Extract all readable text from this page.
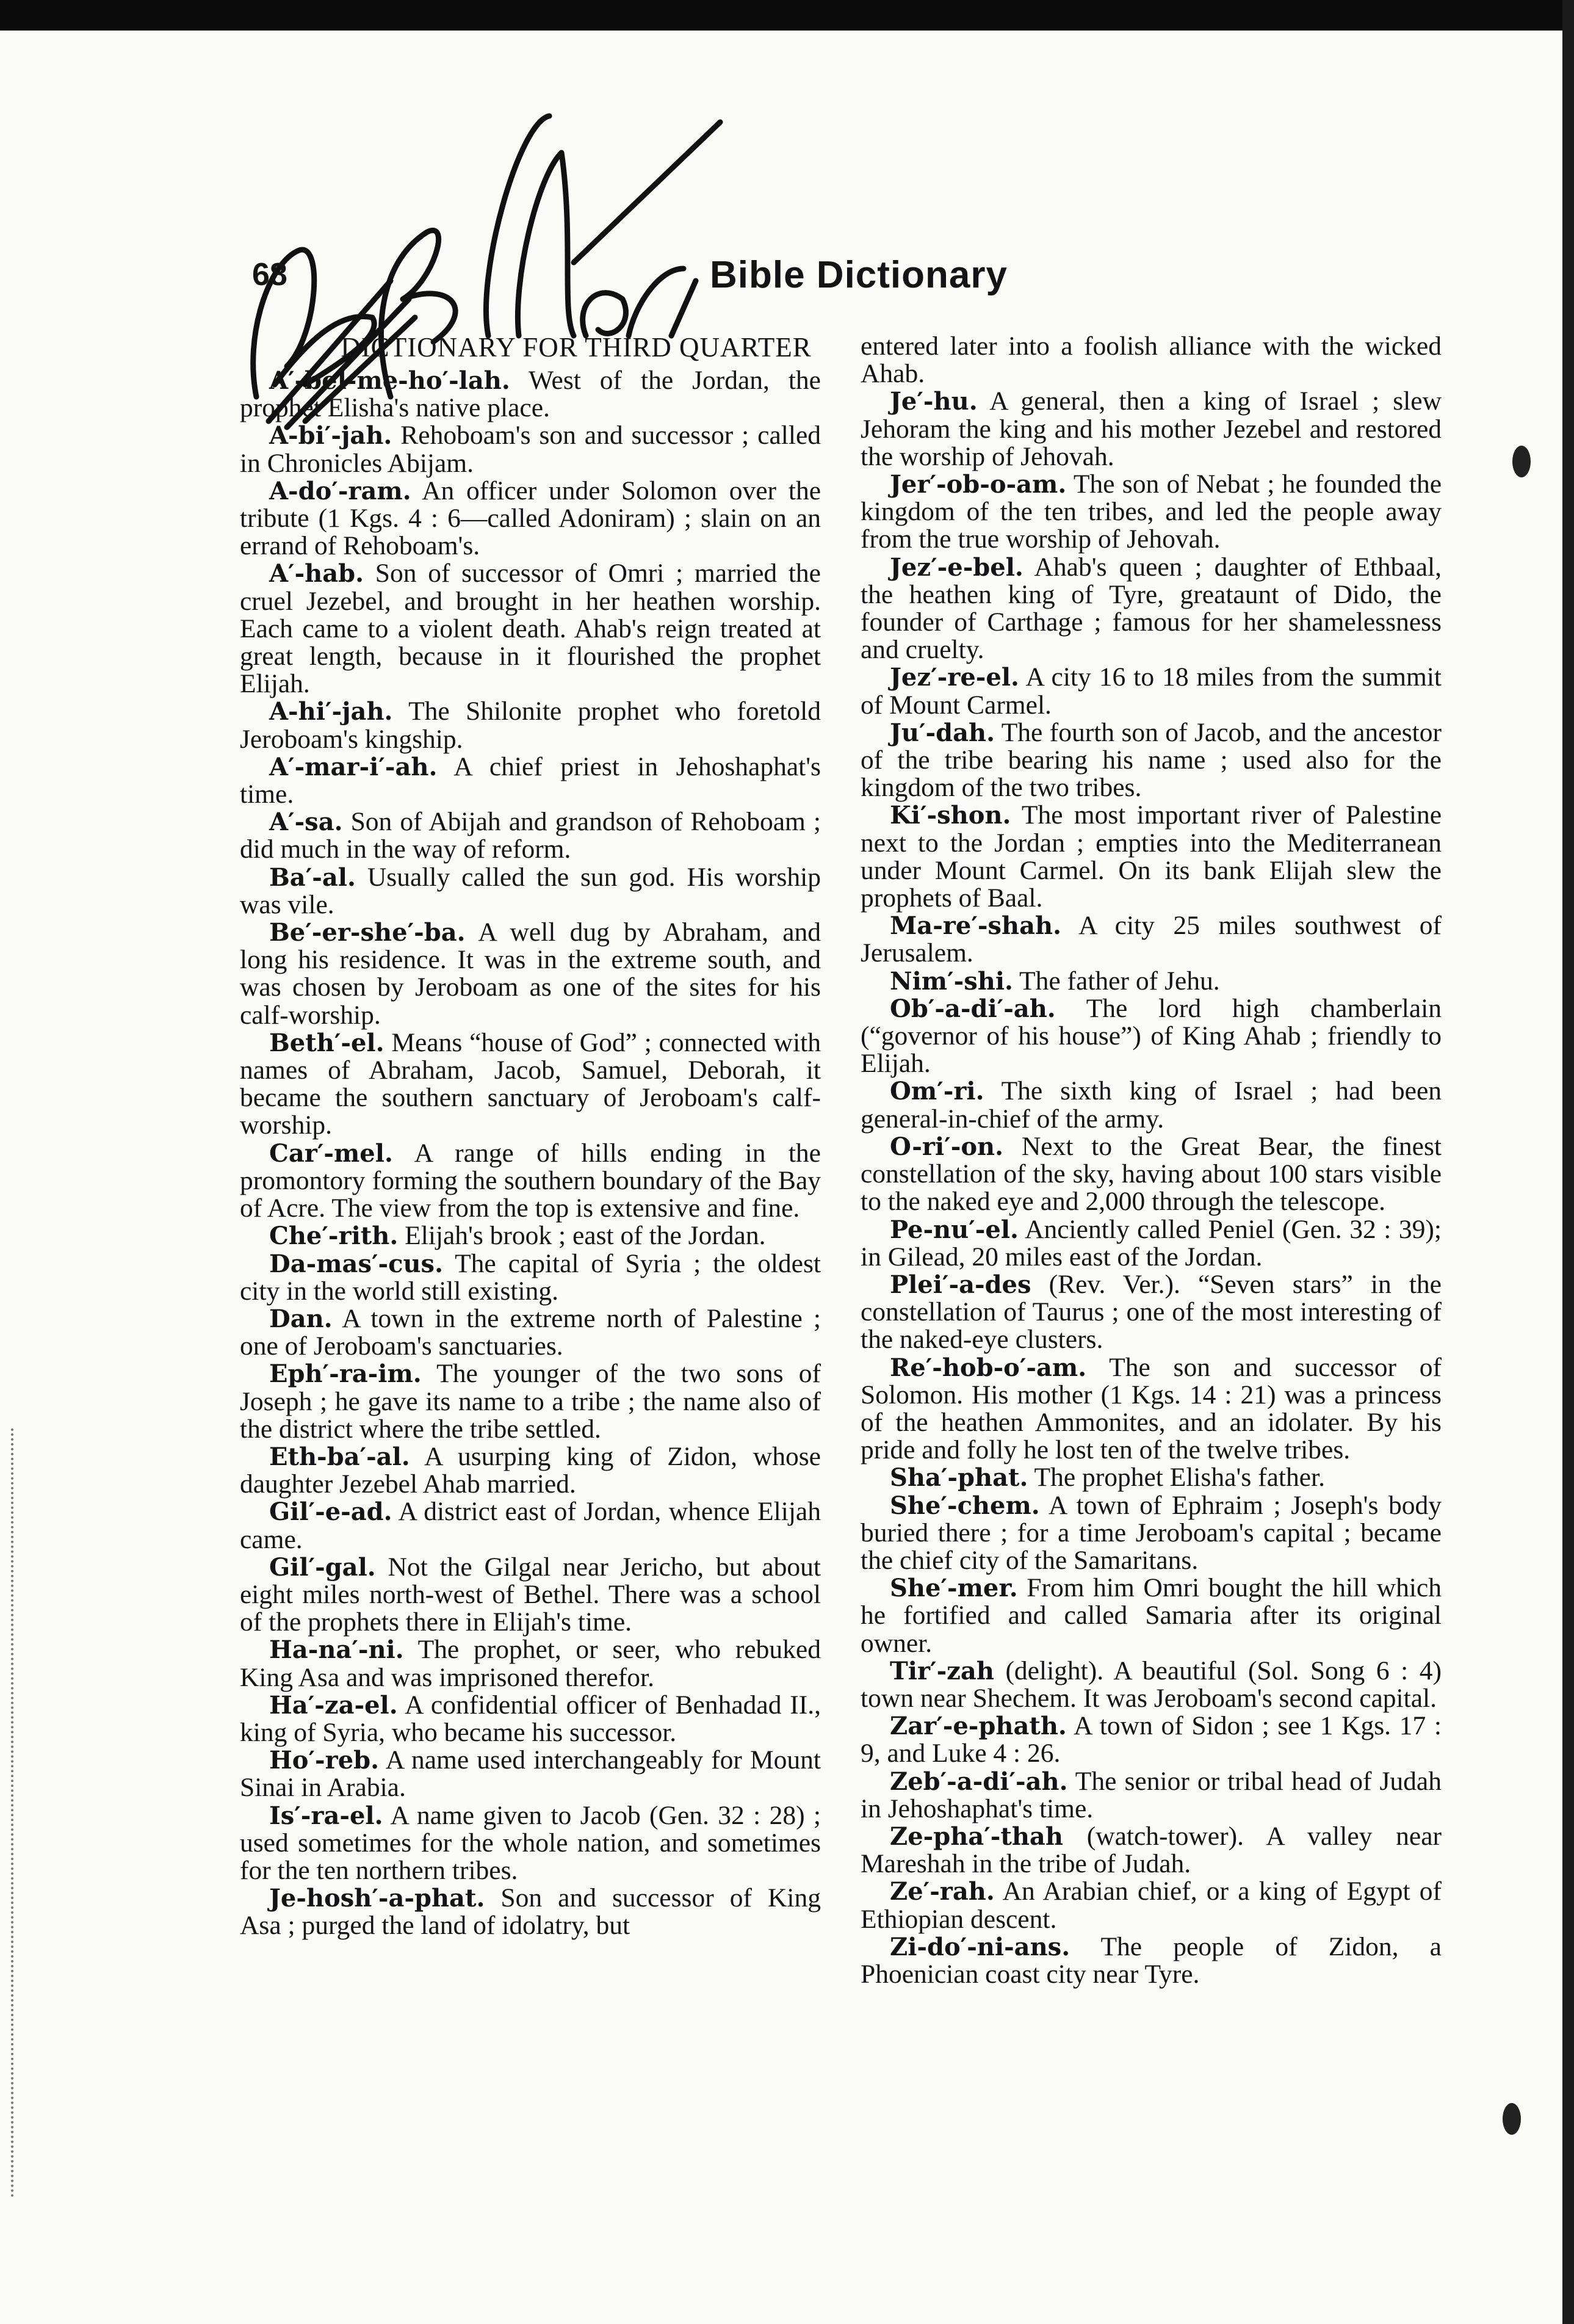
68	Bible Dictionary

DICTIONARY FOR THIRD QUARTER

A′-bel-me-ho′-lah. West of the Jordan, the prophet Elisha's native place.

A-bi′-jah. Rehoboam's son and successor ; called in Chronicles Abijam.

A-do′-ram. An officer under Solomon over the tribute (1 Kgs. 4 : 6—called Adoniram) ; slain on an errand of Rehoboam's.

A′-hab. Son of successor of Omri ; married the cruel Jezebel, and brought in her heathen worship. Each came to a violent death. Ahab's reign treated at great length, because in it flourished the prophet Elijah.

A-hi′-jah. The Shilonite prophet who foretold Jeroboam's kingship.

A′-mar-i′-ah. A chief priest in Jehoshaphat's time.

A′-sa. Son of Abijah and grandson of Rehoboam ; did much in the way of reform.

Ba′-al. Usually called the sun god. His worship was vile.

Be′-er-she′-ba. A well dug by Abraham, and long his residence. It was in the extreme south, and was chosen by Jeroboam as one of the sites for his calf-worship.

Beth′-el. Means “house of God” ; connected with names of Abraham, Jacob, Samuel, Deborah, it became the southern sanctuary of Jeroboam's calf-worship.

Car′-mel. A range of hills ending in the promontory forming the southern boundary of the Bay of Acre. The view from the top is extensive and fine.

Che′-rith. Elijah's brook ; east of the Jordan.

Da-mas′-cus. The capital of Syria ; the oldest city in the world still existing.

Dan. A town in the extreme north of Palestine ; one of Jeroboam's sanctuaries.

Eph′-ra-im. The younger of the two sons of Joseph ; he gave its name to a tribe ; the name also of the district where the tribe settled.

Eth-ba′-al. A usurping king of Zidon, whose daughter Jezebel Ahab married.

Gil′-e-ad. A district east of Jordan, whence Elijah came.

Gil′-gal. Not the Gilgal near Jericho, but about eight miles north-west of Bethel. There was a school of the prophets there in Elijah's time.

Ha-na′-ni. The prophet, or seer, who rebuked King Asa and was imprisoned therefor.

Ha′-za-el. A confidential officer of Benhadad II., king of Syria, who became his successor.

Ho′-reb. A name used interchangeably for Mount Sinai in Arabia.

Is′-ra-el. A name given to Jacob (Gen. 32 : 28) ; used sometimes for the whole nation, and sometimes for the ten northern tribes.

Je-hosh′-a-phat. Son and successor of King Asa ; purged the land of idolatry, but

entered later into a foolish alliance with the wicked Ahab.

Je′-hu. A general, then a king of Israel ; slew Jehoram the king and his mother Jezebel and restored the worship of Jehovah.

Jer′-ob-o-am. The son of Nebat ; he founded the kingdom of the ten tribes, and led the people away from the true worship of Jehovah.

Jez′-e-bel. Ahab's queen ; daughter of Ethbaal, the heathen king of Tyre, greataunt of Dido, the founder of Carthage ; famous for her shamelessness and cruelty.

Jez′-re-el. A city 16 to 18 miles from the summit of Mount Carmel.

Ju′-dah. The fourth son of Jacob, and the ancestor of the tribe bearing his name ; used also for the kingdom of the two tribes.

Ki′-shon. The most important river of Palestine next to the Jordan ; empties into the Mediterranean under Mount Carmel. On its bank Elijah slew the prophets of Baal.

Ma-re′-shah. A city 25 miles southwest of Jerusalem.

Nim′-shi. The father of Jehu.

Ob′-a-di′-ah. The lord high chamberlain (“governor of his house”) of King Ahab ; friendly to Elijah.

Om′-ri. The sixth king of Israel ; had been general-in-chief of the army.

O-ri′-on. Next to the Great Bear, the finest constellation of the sky, having about 100 stars visible to the naked eye and 2,000 through the telescope.

Pe-nu′-el. Anciently called Peniel (Gen. 32 : 39); in Gilead, 20 miles east of the Jordan.

Plei′-a-des (Rev. Ver.). “Seven stars” in the constellation of Taurus ; one of the most interesting of the naked-eye clusters.

Re′-hob-o′-am. The son and successor of Solomon. His mother (1 Kgs. 14 : 21) was a princess of the heathen Ammonites, and an idolater. By his pride and folly he lost ten of the twelve tribes.

Sha′-phat. The prophet Elisha's father.

She′-chem. A town of Ephraim ; Joseph's body buried there ; for a time Jeroboam's capital ; became the chief city of the Samaritans.

She′-mer. From him Omri bought the hill which he fortified and called Samaria after its original owner.

Tir′-zah (delight). A beautiful (Sol. Song 6 : 4) town near Shechem. It was Jeroboam's second capital.

Zar′-e-phath. A town of Sidon ; see 1 Kgs. 17 : 9, and Luke 4 : 26.

Zeb′-a-di′-ah. The senior or tribal head of Judah in Jehoshaphat's time.

Ze-pha′-thah (watch-tower). A valley near Mareshah in the tribe of Judah.

Ze′-rah. An Arabian chief, or a king of Egypt of Ethiopian descent.

Zi-do′-ni-ans. The people of Zidon, a Phoenician coast city near Tyre.
